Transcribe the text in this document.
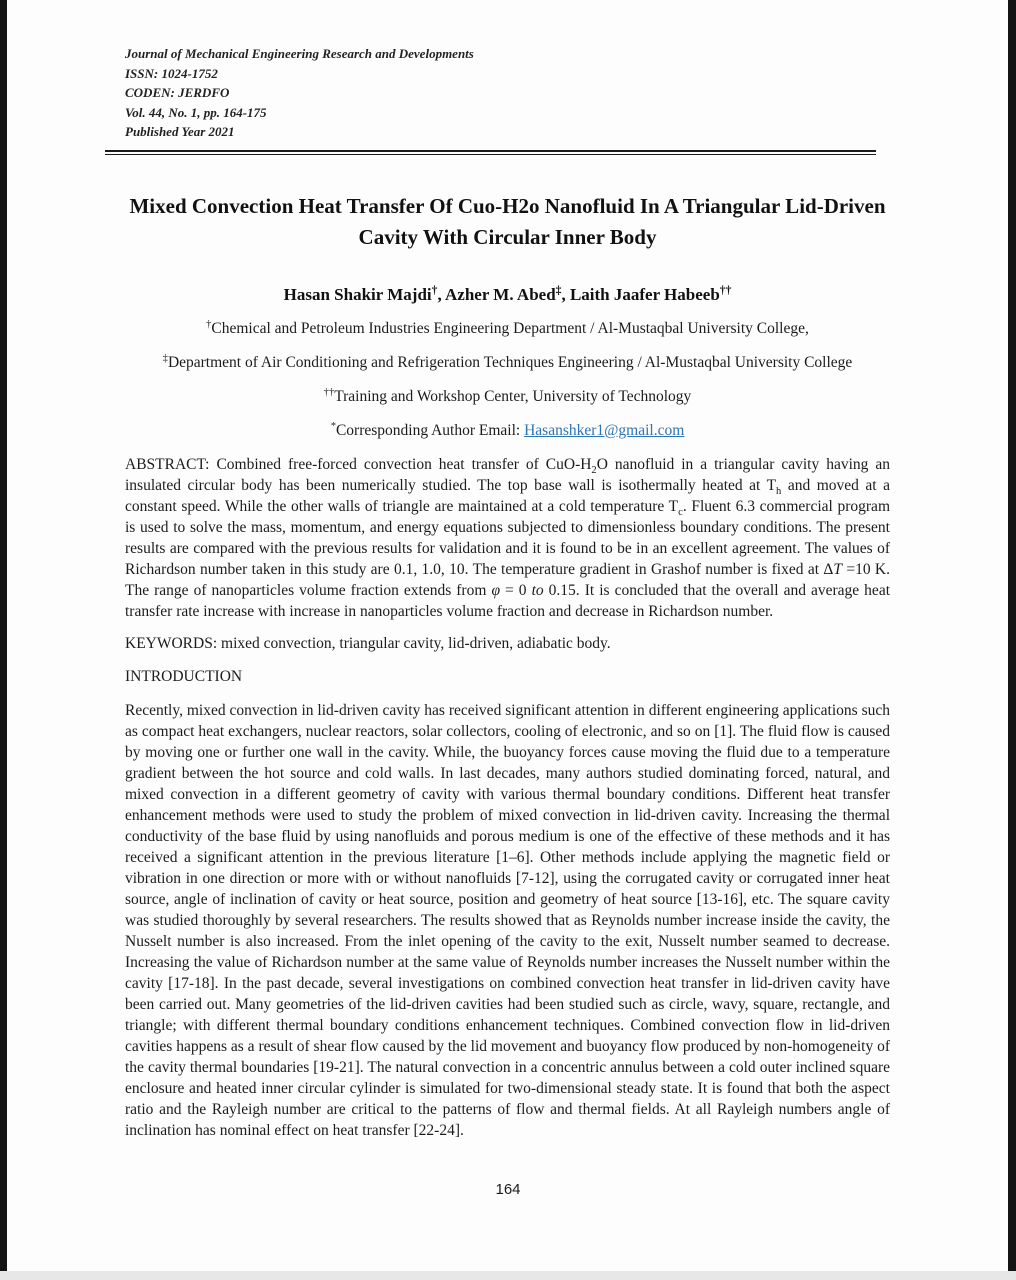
Journal of Mechanical Engineering Research and Developments
ISSN: 1024-1752
CODEN: JERDFO
Vol. 44, No. 1, pp. 164-175
Published Year 2021
Mixed Convection Heat Transfer Of Cuo-H2o Nanofluid In A Triangular Lid-Driven Cavity With Circular Inner Body
Hasan Shakir Majdi†, Azher M. Abed‡, Laith Jaafer Habeeb††
†Chemical and Petroleum Industries Engineering Department / Al-Mustaqbal University College,
‡Department of Air Conditioning and Refrigeration Techniques Engineering / Al-Mustaqbal University College
††Training and Workshop Center, University of Technology
*Corresponding Author Email: Hasanshker1@gmail.com
ABSTRACT: Combined free-forced convection heat transfer of CuO-$H_2O$ nanofluid in a triangular cavity having an insulated circular body has been numerically studied. The top base wall is isothermally heated at $T_h$ and moved at a constant speed. While the other walls of triangle are maintained at a cold temperature $T_c$. Fluent 6.3 commercial program is used to solve the mass, momentum, and energy equations subjected to dimensionless boundary conditions. The present results are compared with the previous results for validation and it is found to be in an excellent agreement. The values of Richardson number taken in this study are 0.1, 1.0, 10. The temperature gradient in Grashof number is fixed at ΔT =10 K. The range of nanoparticles volume fraction extends from φ = 0 to 0.15. It is concluded that the overall and average heat transfer rate increase with increase in nanoparticles volume fraction and decrease in Richardson number.
KEYWORDS: mixed convection, triangular cavity, lid-driven, adiabatic body.
INTRODUCTION
Recently, mixed convection in lid-driven cavity has received significant attention in different engineering applications such as compact heat exchangers, nuclear reactors, solar collectors, cooling of electronic, and so on [1]. The fluid flow is caused by moving one or further one wall in the cavity. While, the buoyancy forces cause moving the fluid due to a temperature gradient between the hot source and cold walls. In last decades, many authors studied dominating forced, natural, and mixed convection in a different geometry of cavity with various thermal boundary conditions. Different heat transfer enhancement methods were used to study the problem of mixed convection in lid-driven cavity. Increasing the thermal conductivity of the base fluid by using nanofluids and porous medium is one of the effective of these methods and it has received a significant attention in the previous literature [1–6]. Other methods include applying the magnetic field or vibration in one direction or more with or without nanofluids [7-12], using the corrugated cavity or corrugated inner heat source, angle of inclination of cavity or heat source, position and geometry of heat source [13-16], etc. The square cavity was studied thoroughly by several researchers. The results showed that as Reynolds number increase inside the cavity, the Nusselt number is also increased. From the inlet opening of the cavity to the exit, Nusselt number seamed to decrease. Increasing the value of Richardson number at the same value of Reynolds number increases the Nusselt number within the cavity [17-18]. In the past decade, several investigations on combined convection heat transfer in lid-driven cavity have been carried out. Many geometries of the lid-driven cavities had been studied such as circle, wavy, square, rectangle, and triangle; with different thermal boundary conditions enhancement techniques. Combined convection flow in lid-driven cavities happens as a result of shear flow caused by the lid movement and buoyancy flow produced by non-homogeneity of the cavity thermal boundaries [19-21]. The natural convection in a concentric annulus between a cold outer inclined square enclosure and heated inner circular cylinder is simulated for two-dimensional steady state. It is found that both the aspect ratio and the Rayleigh number are critical to the patterns of flow and thermal fields. At all Rayleigh numbers angle of inclination has nominal effect on heat transfer [22-24].
164
